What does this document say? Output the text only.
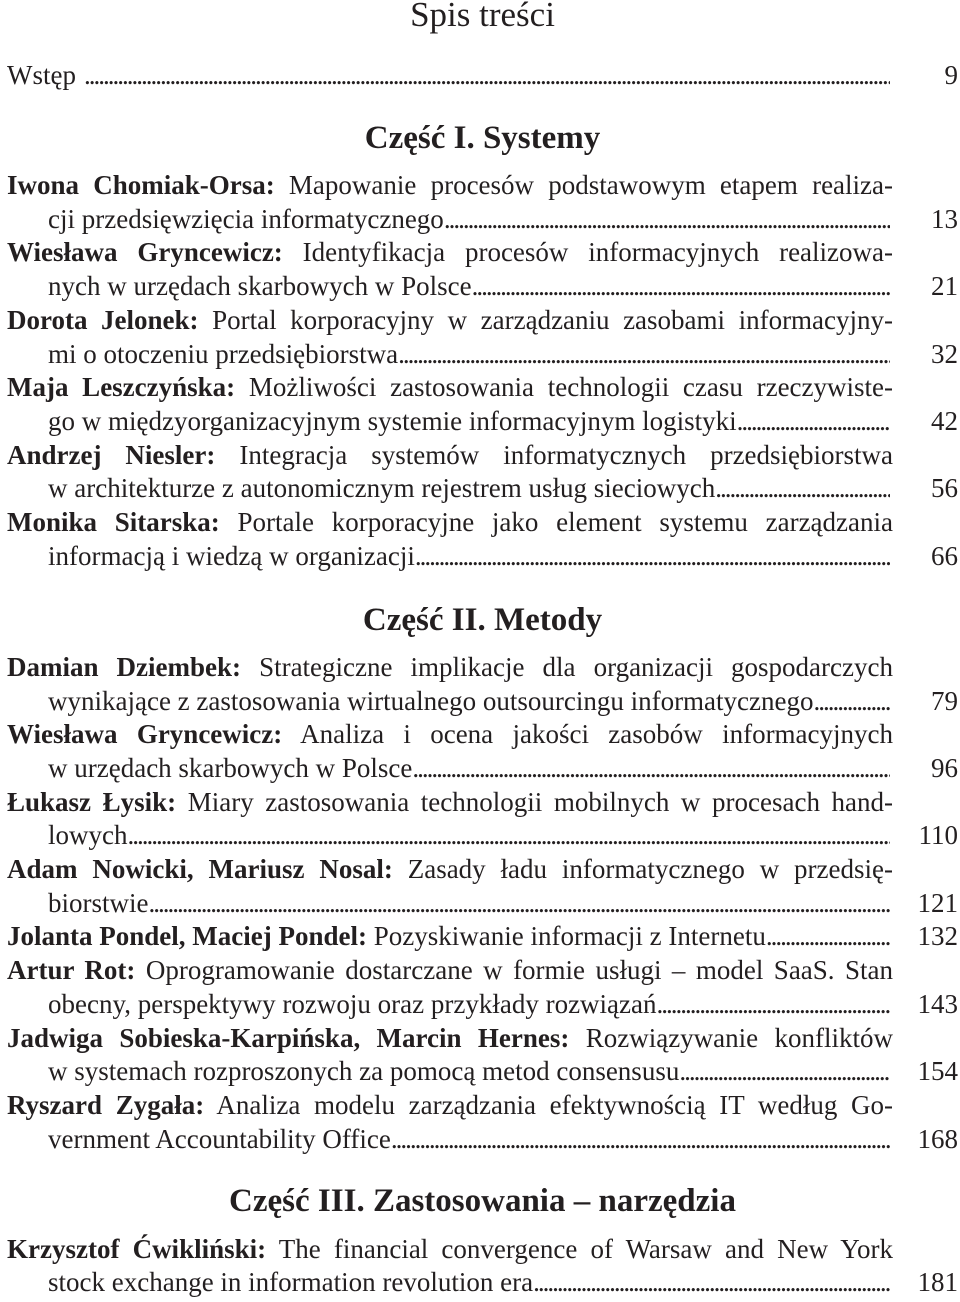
Spis treści
Wstęp .....	9
Część I. Systemy
Iwona Chomiak-Orsa: Mapowanie procesów podstawowym etapem realiza-
cji przedsięwzięcia informatycznego .....	13
Wiesława Gryncewicz: Identyfikacja procesów informacyjnych realizowa-
nych w urzędach skarbowych w Polsce .....	21
Dorota Jelonek: Portal korporacyjny w zarządzaniu zasobami informacyjny-
mi o otoczeniu przedsiębiorstwa .....	32
Maja Leszczyńska: Możliwości zastosowania technologii czasu rzeczywiste-
go w międzyorganizacyjnym systemie informacyjnym logistyki .....	42
Andrzej Niesler: Integracja systemów informatycznych przedsiębiorstwa
w architekturze z autonomicznym rejestrem usług sieciowych .....	56
Monika Sitarska: Portale korporacyjne jako element systemu zarządzania
informacją i wiedzą w organizacji .....	66
Część II. Metody
Damian Dziembek: Strategiczne implikacje dla organizacji gospodarczych
wynikające z zastosowania wirtualnego outsourcingu informatycznego .....	79
Wiesława Gryncewicz: Analiza i ocena jakości zasobów informacyjnych
w urzędach skarbowych w Polsce .....	96
Łukasz Łysik: Miary zastosowania technologii mobilnych w procesach hand-
lowych .....	110
Adam Nowicki, Mariusz Nosal: Zasady ładu informatycznego w przedsię-
biorstwie .....	121
Jolanta Pondel, Maciej Pondel: Pozyskiwanie informacji z Internetu .....	132
Artur Rot: Oprogramowanie dostarczane w formie usługi – model SaaS. Stan
obecny, perspektywy rozwoju oraz przykłady rozwiązań .....	143
Jadwiga Sobieska-Karpińska, Marcin Hernes: Rozwiązywanie konfliktów
w systemach rozproszonych za pomocą metod consensusu .....	154
Ryszard Zygała: Analiza modelu zarządzania efektywnością IT według Go-
vernment Accountability Office .....	168
Część III. Zastosowania – narzędzia
Krzysztof Ćwikliński: The financial convergence of Warsaw and New York
stock exchange in information revolution era .....	181
